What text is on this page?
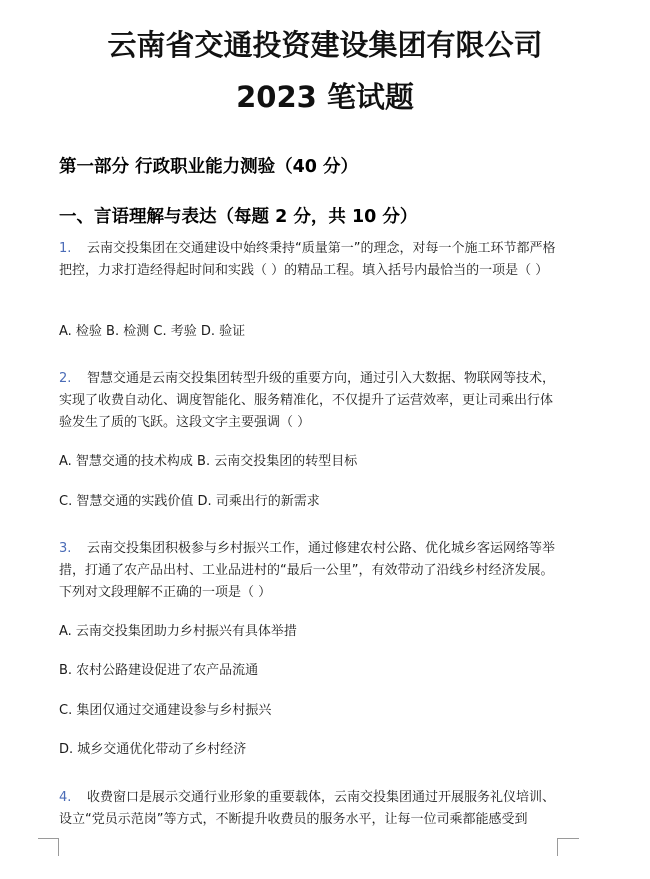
云南省交通投资建设集团有限公司
2023 笔试题
第一部分 行政职业能力测验（40 分）
一、言语理解与表达（每题 2 分，共 10 分）

1. 云南交投集团在交通建设中始终秉持“质量第一”的理念，对每一个施工环节都严格把控，力求打造经得起时间和实践（ ）的精品工程。填入括号内最恰当的一项是（ ）

A. 检验 B. 检测 C. 考验 D. 验证

2. 智慧交通是云南交投集团转型升级的重要方向，通过引入大数据、物联网等技术，实现了收费自动化、调度智能化、服务精准化，不仅提升了运营效率，更让司乘出行体验发生了质的飞跃。这段文字主要强调（ ）

A. 智慧交通的技术构成 B. 云南交投集团的转型目标
C. 智慧交通的实践价值 D. 司乘出行的新需求

3. 云南交投集团积极参与乡村振兴工作，通过修建农村公路、优化城乡客运网络等举措，打通了农产品出村、工业品进村的“最后一公里”，有效带动了沿线乡村经济发展。下列对文段理解不正确的一项是（ ）

A. 云南交投集团助力乡村振兴有具体举措
B. 农村公路建设促进了农产品流通
C. 集团仅通过交通建设参与乡村振兴
D. 城乡交通优化带动了乡村经济

4. 收费窗口是展示交通行业形象的重要载体，云南交投集团通过开展服务礼仪培训、设立“党员示范岗”等方式，不断提升收费员的服务水平，让每一位司乘都能感受到
